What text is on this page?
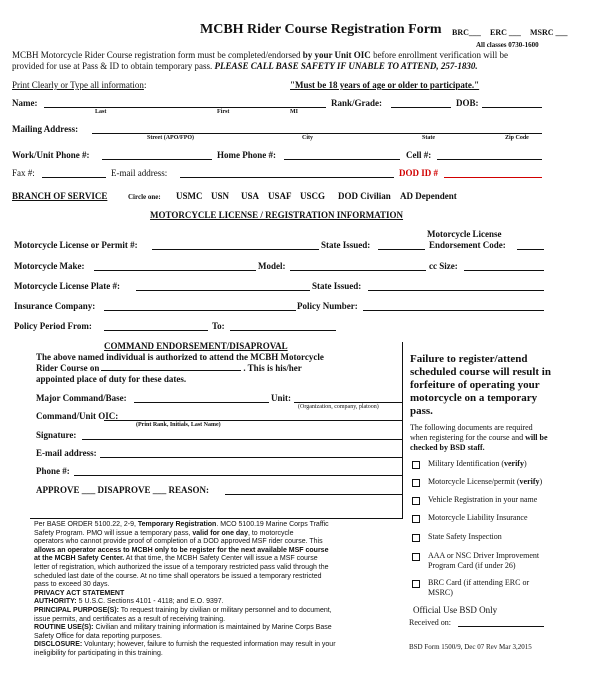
MCBH Rider Course Registration Form BRC___ ERC ___ MSRC ___
All classes 0730-1600
MCBH Motorcycle Rider Course registration form must be completed/endorsed by your Unit OIC before enrollment verification will be
provided for use at Pass & ID to obtain temporary pass. PLEASE CALL BASE SAFETY IF UNABLE TO ATTEND, 257-1830.
Print Clearly or Type all information:	"Must be 18 years of age or older to participate."
Name:	Rank/Grade:	DOB:
Last	First	MI
Mailing Address:
Street (APO/FPO)	City	State	Zip Code
Work/Unit Phone #:	Home Phone #:	Cell #:
Fax #:	E-mail address:	DOD ID #
BRANCH OF SERVICE	Circle one: USMC USN USA USAF USCG DOD Civilian AD Dependent
MOTORCYCLE LICENSE / REGISTRATION INFORMATION
Motorcycle License
Motorcycle License or Permit #:	State Issued:	Endorsement Code:
Motorcycle Make:	Model:	cc Size:
Motorcycle License Plate #:	State Issued:
Insurance Company:	Policy Number:
Policy Period From:	To:
COMMAND ENDORSEMENT/DISAPROVAL
The above named individual is authorized to attend the MCBH Motorcycle
Rider Course on	. This is his/her
appointed place of duty for these dates.
Major Command/Base:	Unit:
(Organization, company, platoon)
Command/Unit OIC:
(Print Rank, Initials, Last Name)
Signature:
E-mail address:
Phone #:
APPROVE ___ DISAPROVE ___ REASON:
Failure to register/attend
scheduled course will result in
forfeiture of operating your
motorcycle on a temporary
pass.
The following documents are required
when registering for the course and will be
checked by BSD staff.
Military Identification (verify)
Motorcycle License/permit (verify)
Vehicle Registration in your name
Motorcycle Liability Insurance
State Safety Inspection
AAA or NSC Driver Improvement
Program Card (if under 26)
BRC Card (if attending ERC or
MSRC)
Official Use BSD Only
Received on:
BSD Form 1500/9, Dec 07 Rev Mar 3,2015
Per BASE ORDER 5100.22, 2-9, Temporary Registration. MCO 5100.19 Marine Corps Traffic
Safety Program. PMO will issue a temporary pass, valid for one day, to motorcycle
operators who cannot provide proof of completion of a DOD approved MSF rider course. This
allows an operator access to MCBH only to be register for the next available MSF course
at the MCBH Safety Center. At that time, the MCBH Safety Center will issue a MSF course
letter of registration, which authorized the issue of a temporary restricted pass valid through the
scheduled last date of the course. At no time shall operators be issued a temporary restricted
pass to exceed 30 days.
PRIVACY ACT STATEMENT
AUTHORITY: 5 U.S.C. Sections 4101 - 4118; and E.O. 9397.
PRINCIPAL PURPOSE(S): To request training by civilian or military personnel and to document,
issue permits, and certificates as a result of receiving training.
ROUTINE USE(S): Civilian and military training information is maintained by Marine Corps Base
Safety Office for data reporting purposes.
DISCLOSURE: Voluntary; however, failure to furnish the requested information may result in your
ineligibility for participating in this training.
